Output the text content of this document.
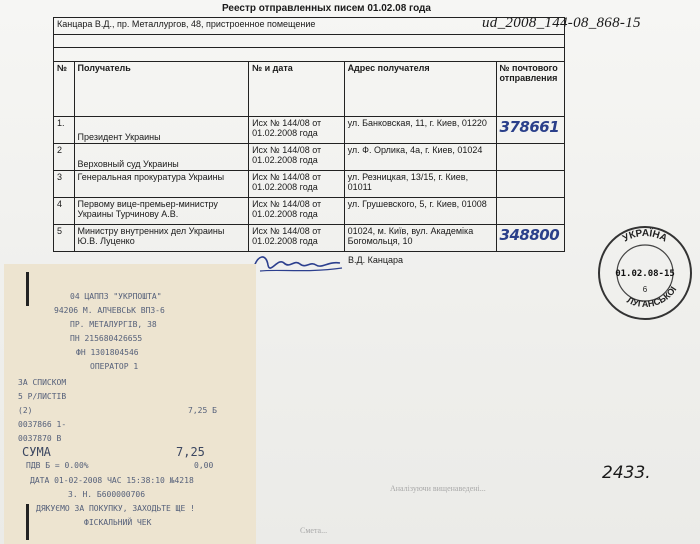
Реестр отправленных писем 01.02.08 года
ud_2008_144-08_868-15
Канцара В.Д., пр. Металлургов, 48, пристроенное помещение				

№	Получатель	№ и дата	Адрес получателя	№ почтового отправления
1.	Президент Украины	Исх № 144/08 от
01.02.2008 года	ул. Банковская, 11, г. Киев, 01220	378661
2	Верховный суд Украины	Исх № 144/08 от
01.02.2008 года	ул. Ф. Орлика, 4а, г. Киев, 01024	
3	Генеральная прокуратура Украины	Исх № 144/08 от
01.02.2008 года	ул. Резницкая, 13/15, г. Киев, 01011	
4	Первому вице-премьер-министру Украины Турчинову А.В.	Исх № 144/08 от
01.02.2008 года	ул. Грушевского, 5, г. Киев, 01008	
5	Министру внутренних дел Украины Ю.В. Луценко	Исх № 144/08 от
01.02.2008 года	01024, м. Київ, вул. Академіка Богомольця, 10	348800
В.Д. Канцара
УКРАЇНА
ЛУГАНСЬКОЇ
01.02.08-15
6
04 ЦАППЗ "УКРПОШТА"
94206 М. АЛЧЕВСЬК ВПЗ-6
ПР. МЕТАЛУРГІВ, 38
ПН 215680426655
ФН 1301804546
ОПЕРАТОР 1
ЗА СПИСКОМ
5 Р/ЛИСТІВ
(2)	7,25 Б
0037866 1-
0037870 В
СУМА	7,25
ПДВ Б = 0.00%	0,00
ДАТА 01-02-2008 ЧАС 15:38:10 №4218
З. Н. Б600000706
ДЯКУЄМО ЗА ПОКУПКУ, ЗАХОДЬТЕ ЩЕ !
ФІСКАЛЬНИЙ ЧЕК
2433.
Аналізуючи вищенаведені...
Смета...
